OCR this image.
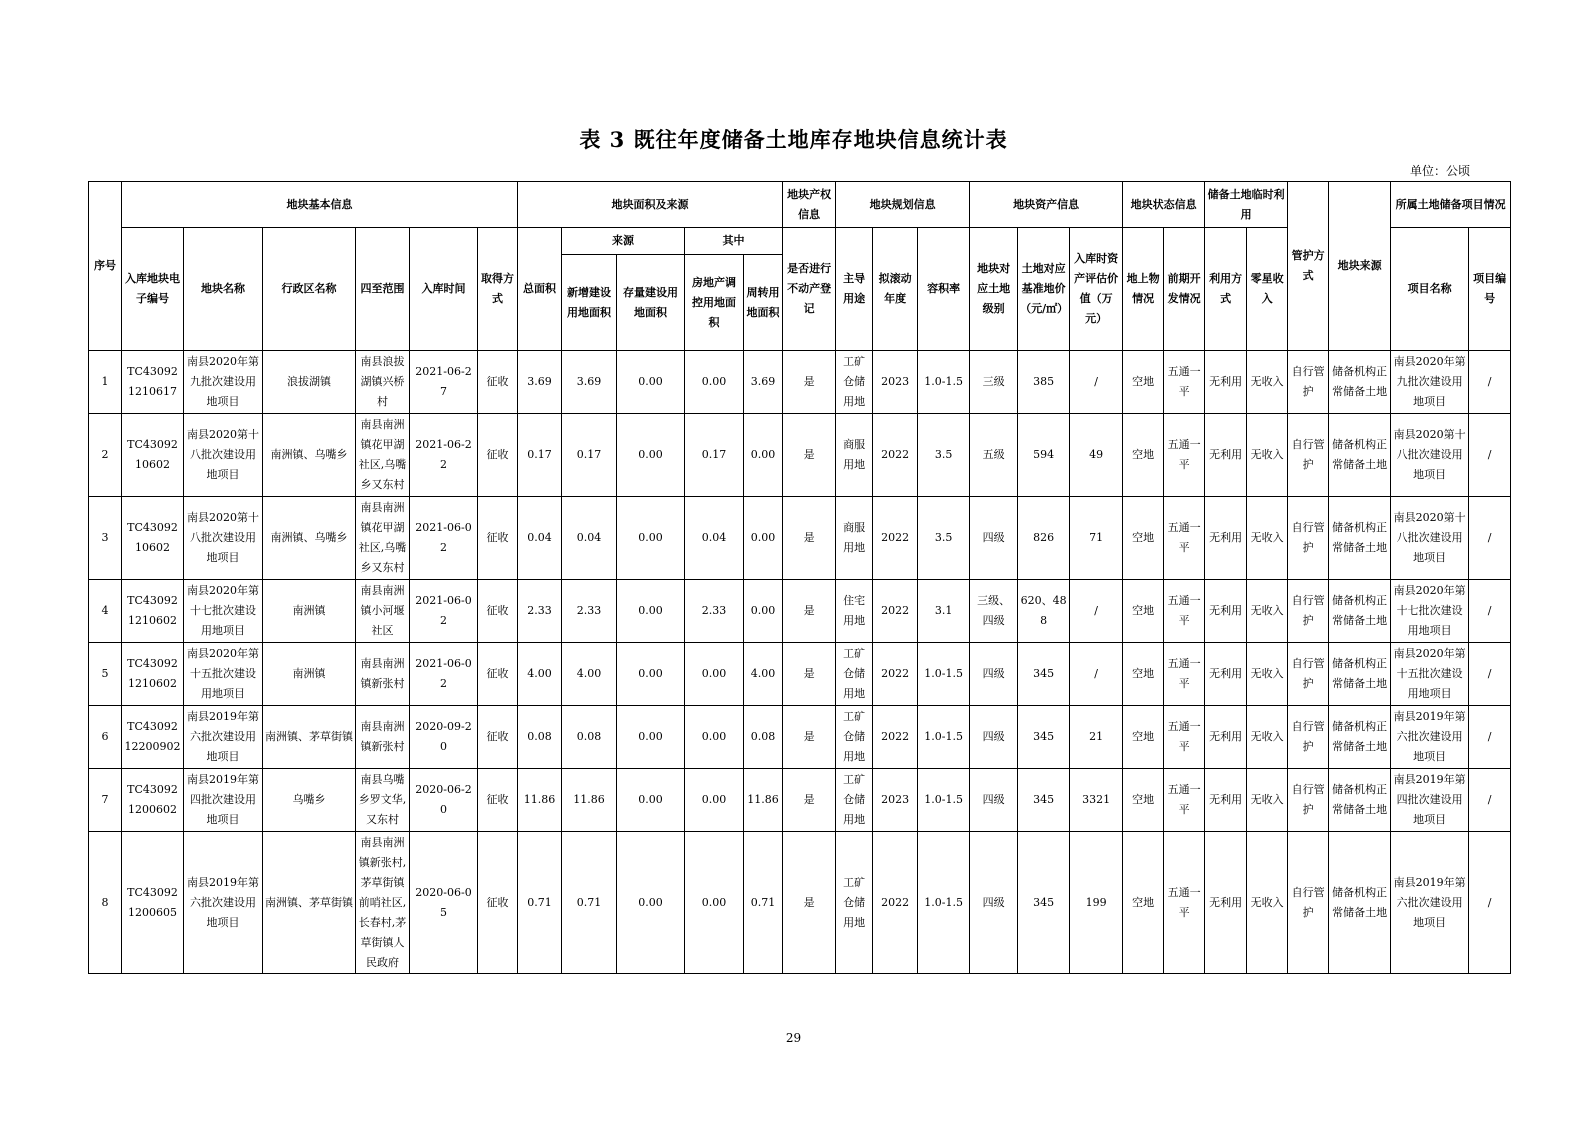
表 3 既往年度储备土地库存地块信息统计表
单位：公顷
序号	地块基本信息						地块面积及来源					地块产权信息	地块规划信息			地块资产信息			地块状态信息		储备土地临时利用		管护方式	地块来源	所属土地储备项目情况	
	入库地块电子编号	地块名称	行政区名称	四至范围	入库时间	取得方式	总面积	来源		其中		是否进行不动产登记	主导用途	拟滚动年度	容积率	地块对应土地级别	土地对应基准地价（元/㎡）	入库时资产评估价值（万元）	地上物情况	前期开发情况	利用方式	零星收入			项目名称	项目编号
								新增建设用地面积	存量建设用地面积	房地产调控用地面积	周转用地面积															
1	TC430921210617	南县2020年第九批次建设用地项目	浪拔湖镇	南县浪拔湖镇兴桥村	2021-06-27	征收	3.69	3.69	0.00	0.00	3.69	是	工矿仓储用地	2023	1.0-1.5	三级	385	/	空地	五通一平	无利用	无收入	自行管护	储备机构正常储备土地	南县2020年第九批次建设用地项目	/
2	TC4309210602	南县2020第十八批次建设用地项目	南洲镇、乌嘴乡	南县南洲镇花甲湖社区,乌嘴乡又东村	2021-06-22	征收	0.17	0.17	0.00	0.17	0.00	是	商服用地	2022	3.5	五级	594	49	空地	五通一平	无利用	无收入	自行管护	储备机构正常储备土地	南县2020第十八批次建设用地项目	/
3	TC4309210602	南县2020第十八批次建设用地项目	南洲镇、乌嘴乡	南县南洲镇花甲湖社区,乌嘴乡又东村	2021-06-02	征收	0.04	0.04	0.00	0.04	0.00	是	商服用地	2022	3.5	四级	826	71	空地	五通一平	无利用	无收入	自行管护	储备机构正常储备土地	南县2020第十八批次建设用地项目	/
4	TC430921210602	南县2020年第十七批次建设用地项目	南洲镇	南县南洲镇小河堰社区	2021-06-02	征收	2.33	2.33	0.00	2.33	0.00	是	住宅用地	2022	3.1	三级、四级	620、488	/	空地	五通一平	无利用	无收入	自行管护	储备机构正常储备土地	南县2020年第十七批次建设用地项目	/
5	TC430921210602	南县2020年第十五批次建设用地项目	南洲镇	南县南洲镇新张村	2021-06-02	征收	4.00	4.00	0.00	0.00	4.00	是	工矿仓储用地	2022	1.0-1.5	四级	345	/	空地	五通一平	无利用	无收入	自行管护	储备机构正常储备土地	南县2020年第十五批次建设用地项目	/
6	TC4309212200902	南县2019年第六批次建设用地项目	南洲镇、茅草街镇	南县南洲镇新张村	2020-09-20	征收	0.08	0.08	0.00	0.00	0.08	是	工矿仓储用地	2022	1.0-1.5	四级	345	21	空地	五通一平	无利用	无收入	自行管护	储备机构正常储备土地	南县2019年第六批次建设用地项目	/
7	TC430921200602	南县2019年第四批次建设用地项目	乌嘴乡	南县乌嘴乡罗文华,又东村	2020-06-20	征收	11.86	11.86	0.00	0.00	11.86	是	工矿仓储用地	2023	1.0-1.5	四级	345	3321	空地	五通一平	无利用	无收入	自行管护	储备机构正常储备土地	南县2019年第四批次建设用地项目	/
8	TC430921200605	南县2019年第六批次建设用地项目	南洲镇、茅草街镇	南县南洲镇新张村,茅草街镇前哨社区,长春村,茅草街镇人民政府	2020-06-05	征收	0.71	0.71	0.00	0.00	0.71	是	工矿仓储用地	2022	1.0-1.5	四级	345	199	空地	五通一平	无利用	无收入	自行管护	储备机构正常储备土地	南县2019年第六批次建设用地项目	/
29
